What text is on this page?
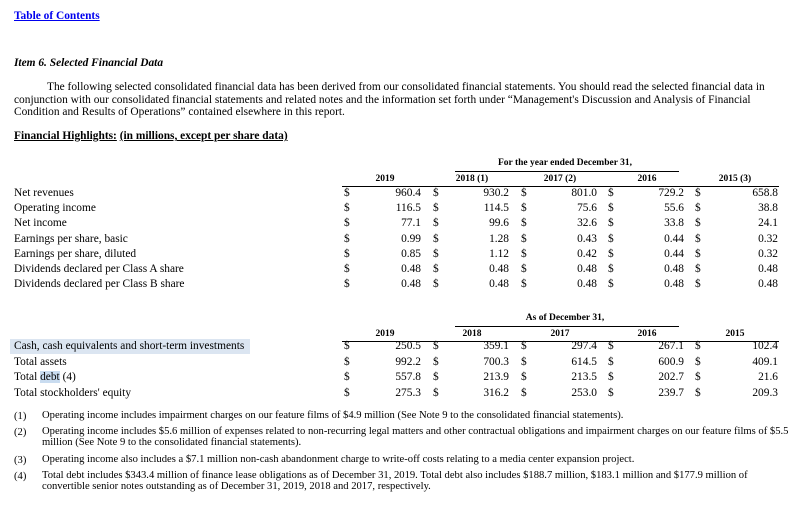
Table of Contents
Item 6. Selected Financial Data
The following selected consolidated financial data has been derived from our consolidated financial statements. You should read the selected financial data in conjunction with our consolidated financial statements and related notes and the information set forth under “Management's Discussion and Analysis of Financial Condition and Results of Operations” contained elsewhere in this report.
Financial Highlights: (in millions, except per share data)
For the year ended December 31,
2019	2018 (1)	2017 (2)	2016	2015 (3)
Net revenues	$	960.4 $	930.2 $	801.0 $	729.2 $	658.8
Operating income	$	116.5 $	114.5 $	75.6 $	55.6 $	38.8
Net income	$	77.1 $	99.6 $	32.6 $	33.8 $	24.1
Earnings per share, basic	$	0.99 $	1.28 $	0.43 $	0.44 $	0.32
Earnings per share, diluted	$	0.85 $	1.12 $	0.42 $	0.44 $	0.32
Dividends declared per Class A share	$	0.48 $	0.48 $	0.48 $	0.48 $	0.48
Dividends declared per Class B share	$	0.48 $	0.48 $	0.48 $	0.48 $	0.48
As of December 31,
2019	2018	2017	2016	2015
Cash, cash equivalents and short-term investments	$	250.5 $	359.1 $	297.4 $	267.1 $	102.4
Total assets	$	992.2 $	700.3 $	614.5 $	600.9 $	409.1
Total debt (4)	$	557.8 $	213.9 $	213.5 $	202.7 $	21.6
Total stockholders' equity	$	275.3 $	316.2 $	253.0 $	239.7 $	209.3
(1) Operating income includes impairment charges on our feature films of $4.9 million (See Note 9 to the consolidated financial statements).
(2) Operating income includes $5.6 million of expenses related to non-recurring legal matters and other contractual obligations and impairment charges on our feature films of $5.5 million (See Note 9 to the consolidated financial statements).
(3) Operating income also includes a $7.1 million non-cash abandonment charge to write-off costs relating to a media center expansion project.
(4) Total debt includes $343.4 million of finance lease obligations as of December 31, 2019. Total debt also includes $188.7 million, $183.1 million and $177.9 million of convertible senior notes outstanding as of December 31, 2019, 2018 and 2017, respectively.
